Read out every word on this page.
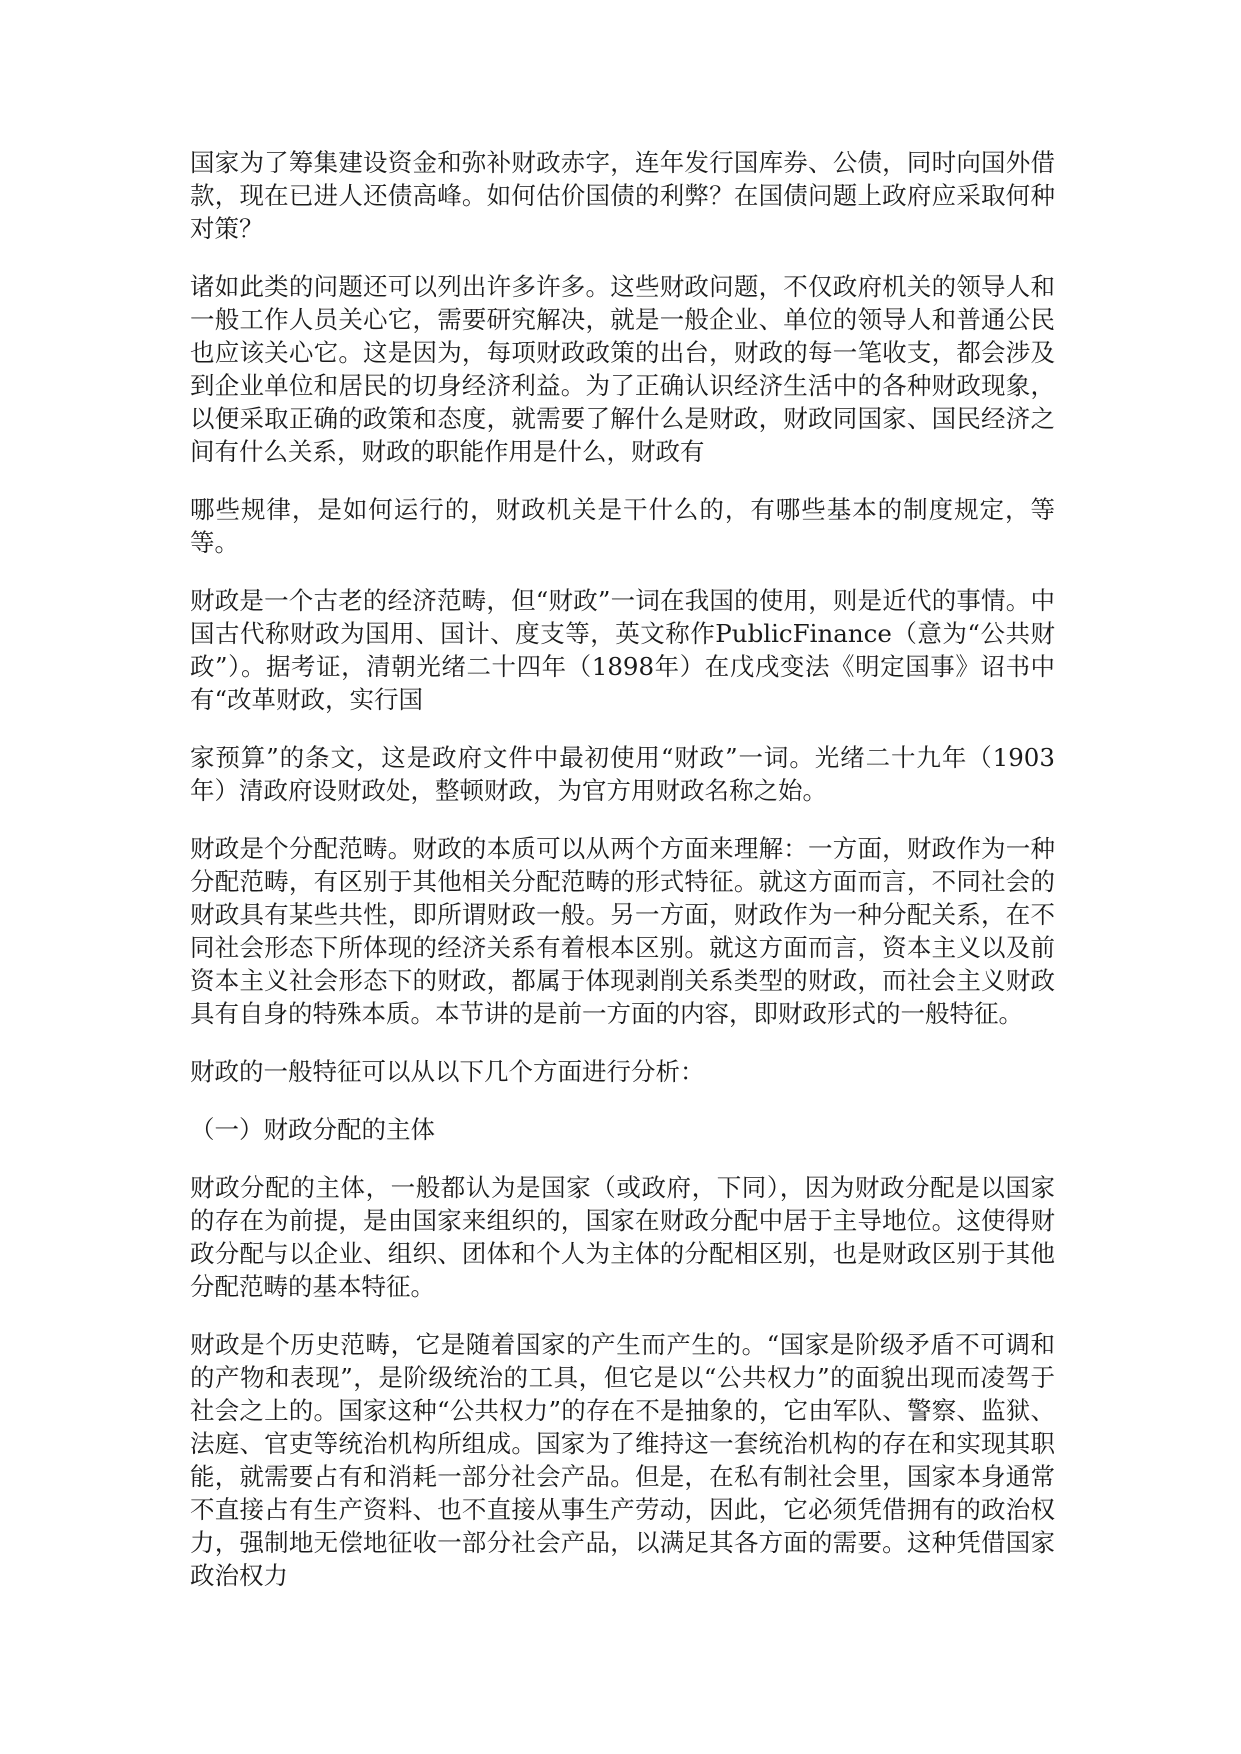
国家为了筹集建设资金和弥补财政赤字，连年发行国库券、公债，同时向国外借款，现在已进人还债高峰。如何估价国债的利弊？在国债问题上政府应采取何种对策？

诸如此类的问题还可以列出许多许多。这些财政问题，不仅政府机关的领导人和一般工作人员关心它，需要研究解决，就是一般企业、单位的领导人和普通公民也应该关心它。这是因为，每项财政政策的出台，财政的每一笔收支，都会涉及到企业单位和居民的切身经济利益。为了正确认识经济生活中的各种财政现象，以便采取正确的政策和态度，就需要了解什么是财政，财政同国家、国民经济之间有什么关系，财政的职能作用是什么，财政有

哪些规律，是如何运行的，财政机关是干什么的，有哪些基本的制度规定，等等。

财政是一个古老的经济范畴，但“财政”一词在我国的使用，则是近代的事情。中国古代称财政为国用、国计、度支等，英文称作PublicFinance（意为“公共财政”）。据考证，清朝光绪二十四年（1898年）在戊戌变法《明定国事》诏书中有“改革财政，实行国

家预算”的条文，这是政府文件中最初使用“财政”一词。光绪二十九年（1903年）清政府设财政处，整顿财政，为官方用财政名称之始。

财政是个分配范畴。财政的本质可以从两个方面来理解：一方面，财政作为一种分配范畴，有区别于其他相关分配范畴的形式特征。就这方面而言，不同社会的财政具有某些共性，即所谓财政一般。另一方面，财政作为一种分配关系，在不同社会形态下所体现的经济关系有着根本区别。就这方面而言，资本主义以及前资本主义社会形态下的财政，都属于体现剥削关系类型的财政，而社会主义财政具有自身的特殊本质。本节讲的是前一方面的内容，即财政形式的一般特征。

财政的一般特征可以从以下几个方面进行分析：

（一）财政分配的主体

财政分配的主体，一般都认为是国家（或政府，下同），因为财政分配是以国家的存在为前提，是由国家来组织的，国家在财政分配中居于主导地位。这使得财政分配与以企业、组织、团体和个人为主体的分配相区别，也是财政区别于其他分配范畴的基本特征。

财政是个历史范畴，它是随着国家的产生而产生的。“国家是阶级矛盾不可调和的产物和表现”，是阶级统治的工具，但它是以“公共权力”的面貌出现而凌驾于社会之上的。国家这种“公共权力”的存在不是抽象的，它由军队、警察、监狱、法庭、官吏等统治机构所组成。国家为了维持这一套统治机构的存在和实现其职能，就需要占有和消耗一部分社会产品。但是，在私有制社会里，国家本身通常不直接占有生产资料、也不直接从事生产劳动，因此，它必须凭借拥有的政治权力，强制地无偿地征收一部分社会产品，以满足其各方面的需要。这种凭借国家政治权力
